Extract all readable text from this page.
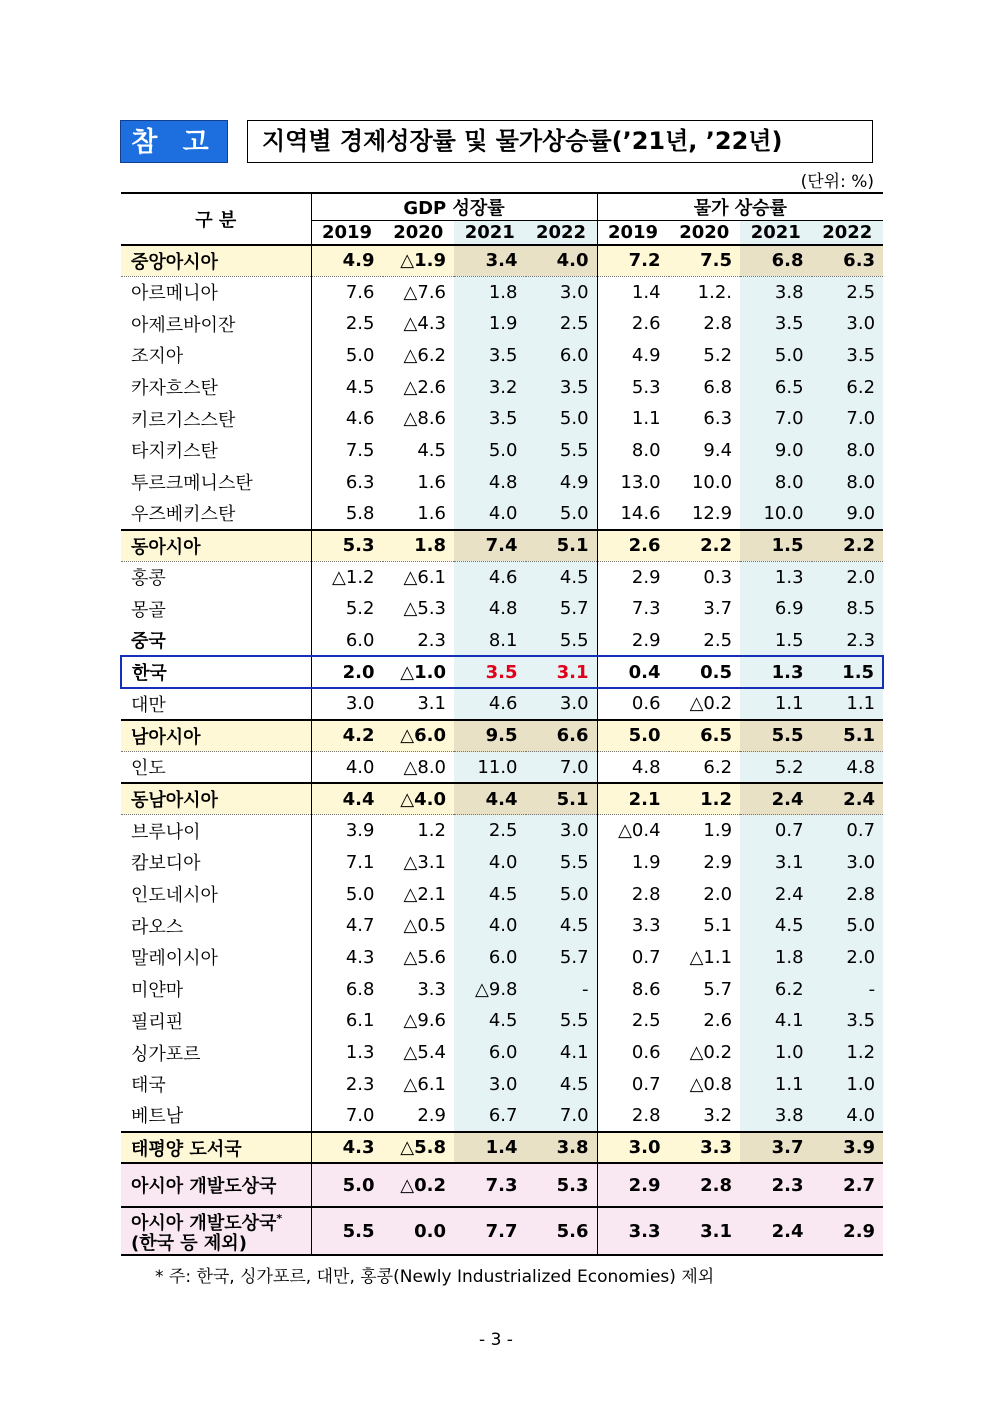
참 고	지역별 경제성장률 및 물가상승률(’21년, ’22년)
(단위: %)
구 분	GDP 성장률				물가 상승률			
	2019	2020	2021	2022	2019	2020	2021	2022
중앙아시아	4.9	△1.9	3.4	4.0	7.2	7.5	6.8	6.3
아르메니아	7.6	△7.6	1.8	3.0	1.4	1.2.	3.8	2.5
아제르바이잔	2.5	△4.3	1.9	2.5	2.6	2.8	3.5	3.0
조지아	5.0	△6.2	3.5	6.0	4.9	5.2	5.0	3.5
카자흐스탄	4.5	△2.6	3.2	3.5	5.3	6.8	6.5	6.2
키르기스스탄	4.6	△8.6	3.5	5.0	1.1	6.3	7.0	7.0
타지키스탄	7.5	4.5	5.0	5.5	8.0	9.4	9.0	8.0
투르크메니스탄	6.3	1.6	4.8	4.9	13.0	10.0	8.0	8.0
우즈베키스탄	5.8	1.6	4.0	5.0	14.6	12.9	10.0	9.0
동아시아	5.3	1.8	7.4	5.1	2.6	2.2	1.5	2.2
홍콩	△1.2	△6.1	4.6	4.5	2.9	0.3	1.3	2.0
몽골	5.2	△5.3	4.8	5.7	7.3	3.7	6.9	8.5
중국	6.0	2.3	8.1	5.5	2.9	2.5	1.5	2.3
한국	2.0	△1.0	3.5	3.1	0.4	0.5	1.3	1.5
대만	3.0	3.1	4.6	3.0	0.6	△0.2	1.1	1.1
남아시아	4.2	△6.0	9.5	6.6	5.0	6.5	5.5	5.1
인도	4.0	△8.0	11.0	7.0	4.8	6.2	5.2	4.8
동남아시아	4.4	△4.0	4.4	5.1	2.1	1.2	2.4	2.4
브루나이	3.9	1.2	2.5	3.0	△0.4	1.9	0.7	0.7
캄보디아	7.1	△3.1	4.0	5.5	1.9	2.9	3.1	3.0
인도네시아	5.0	△2.1	4.5	5.0	2.8	2.0	2.4	2.8
라오스	4.7	△0.5	4.0	4.5	3.3	5.1	4.5	5.0
말레이시아	4.3	△5.6	6.0	5.7	0.7	△1.1	1.8	2.0
미얀마	6.8	3.3	△9.8	-	8.6	5.7	6.2	-
필리핀	6.1	△9.6	4.5	5.5	2.5	2.6	4.1	3.5
싱가포르	1.3	△5.4	6.0	4.1	0.6	△0.2	1.0	1.2
태국	2.3	△6.1	3.0	4.5	0.7	△0.8	1.1	1.0
베트남	7.0	2.9	6.7	7.0	2.8	3.2	3.8	4.0
태평양 도서국	4.3	△5.8	1.4	3.8	3.0	3.3	3.7	3.9
아시아 개발도상국	5.0	△0.2	7.3	5.3	2.9	2.8	2.3	2.7
아시아 개발도상국*
(한국 등 제외)	5.5	0.0	7.7	5.6	3.3	3.1	2.4	2.9
* 주: 한국, 싱가포르, 대만, 홍콩(Newly Industrialized Economies) 제외
- 3 -
